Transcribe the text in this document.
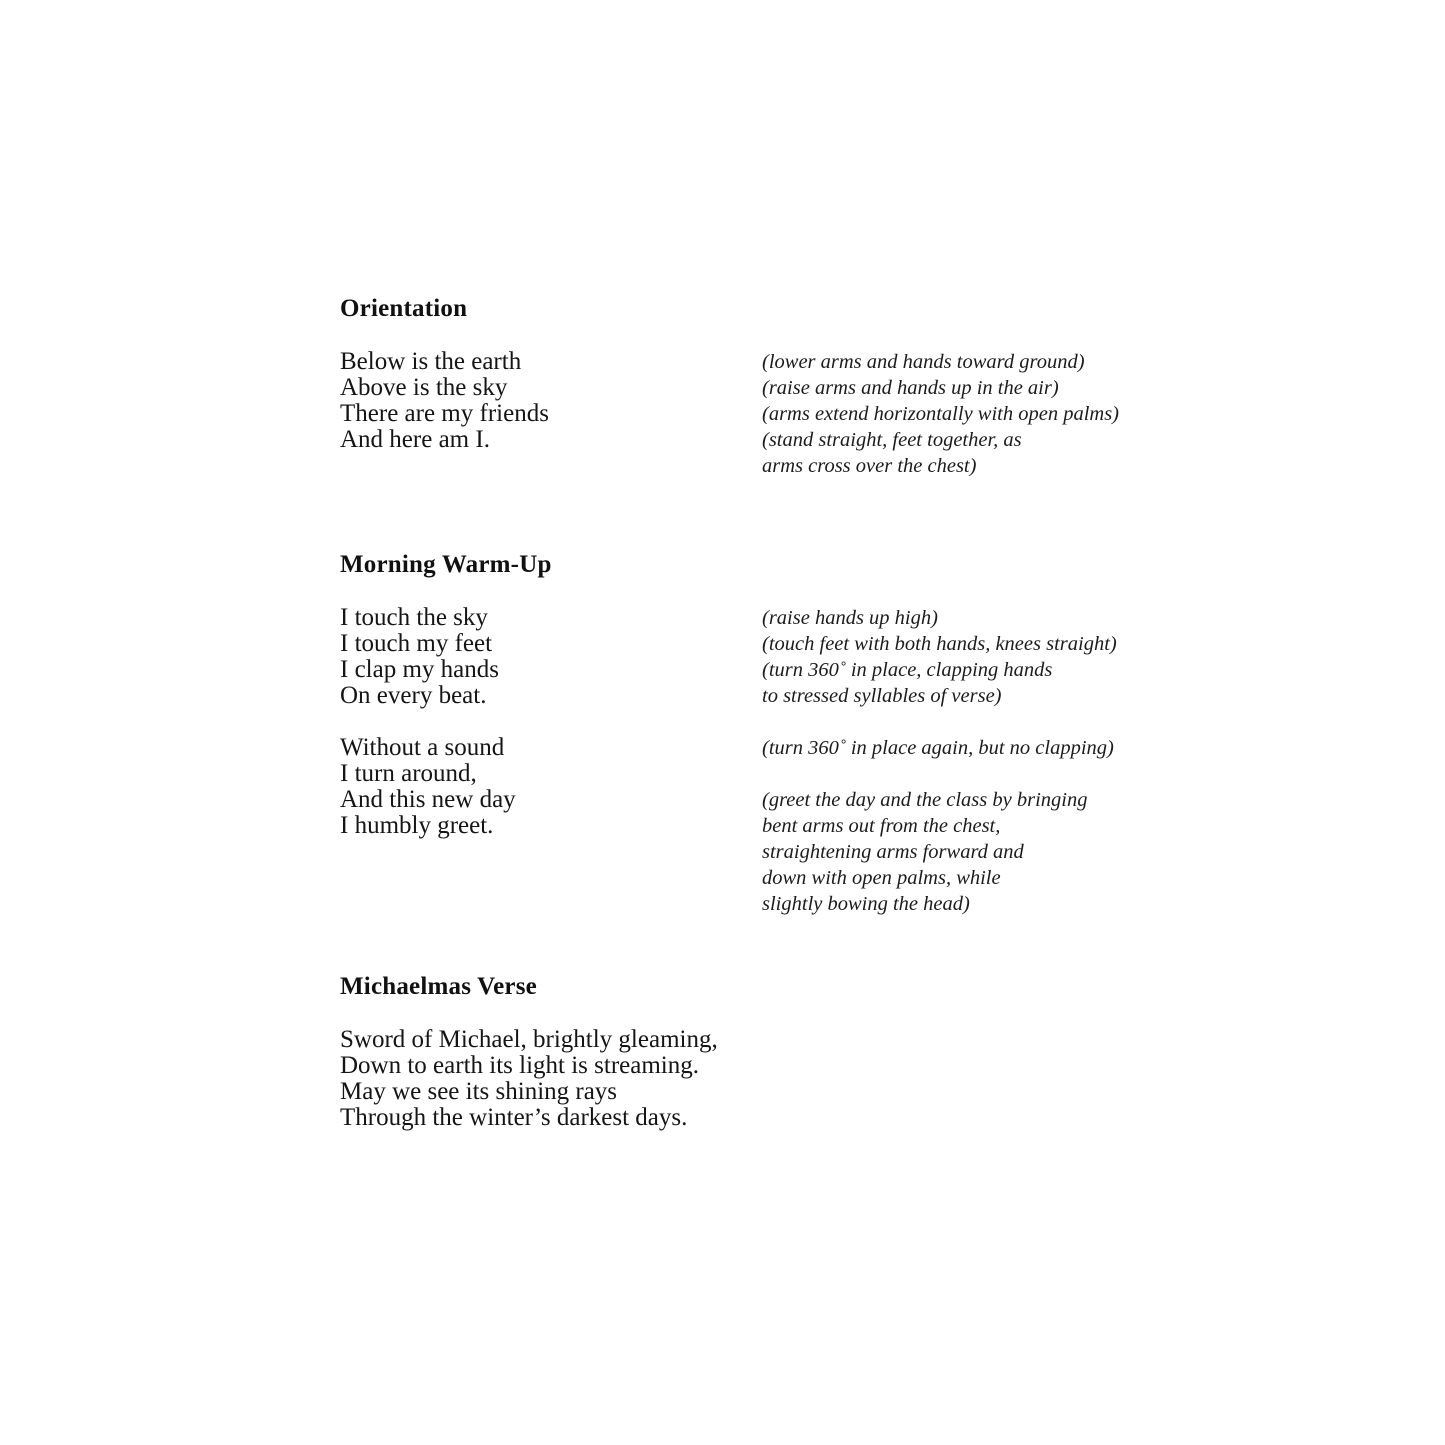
Orientation
Below is the earth
Above is the sky
There are my friends
And here am I.
(lower arms and hands toward ground)
(raise arms and hands up in the air)
(arms extend horizontally with open palms)
(stand straight, feet together, as
arms cross over the chest)
Morning Warm-Up
I touch the sky
I touch my feet
I clap my hands
On every beat.
(raise hands up high)
(touch feet with both hands, knees straight)
(turn 360˚ in place, clapping hands
to stressed syllables of verse)
Without a sound
I turn around,
And this new day
I humbly greet.
(turn 360˚ in place again, but no clapping)

(greet the day and the class by bringing
bent arms out from the chest,
straightening arms forward and
down with open palms, while
slightly bowing the head)
Michaelmas Verse
Sword of Michael, brightly gleaming,
Down to earth its light is streaming.
May we see its shining rays
Through the winter’s darkest days.
